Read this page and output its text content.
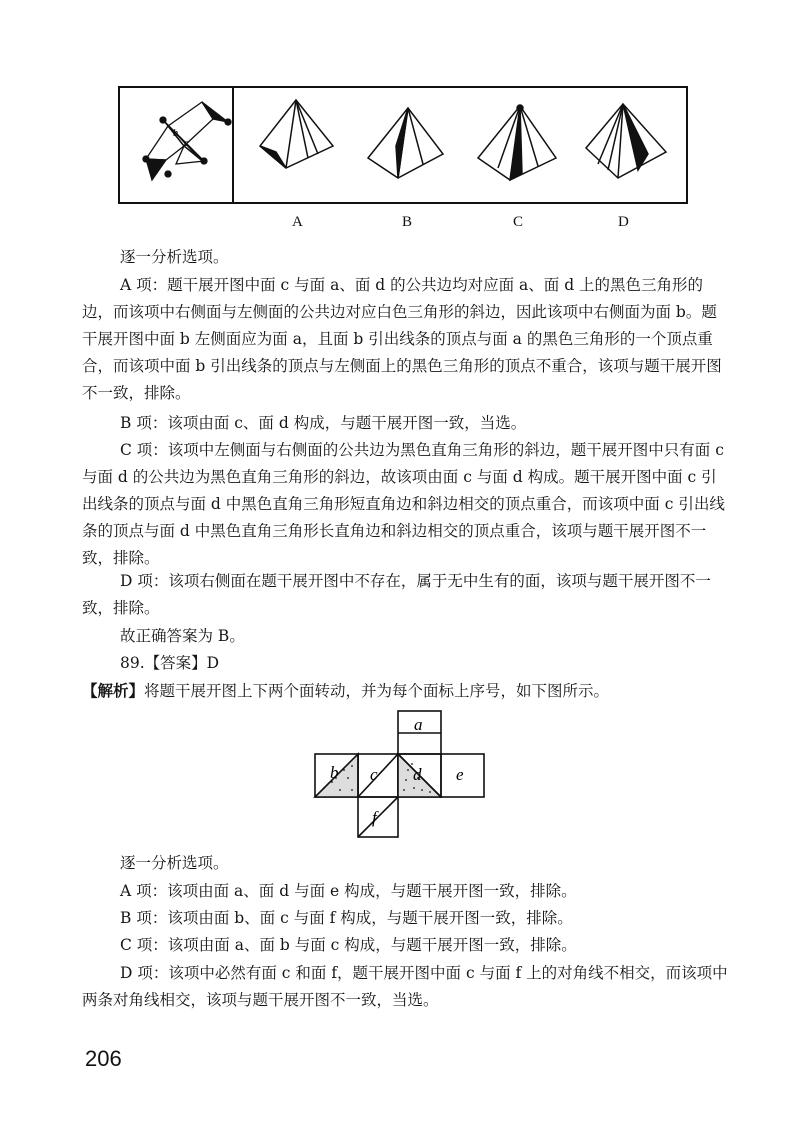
b
c
A	B	C	D
逐一分析选项。
A 项：题干展开图中面 c 与面 a、面 d 的公共边均对应面 a、面 d 上的黑色三角形的边，而该项中右侧面与左侧面的公共边对应白色三角形的斜边，因此该项中右侧面为面 b。题干展开图中面 b 左侧面应为面 a，且面 b 引出线条的顶点与面 a 的黑色三角形的一个顶点重合，而该项中面 b 引出线条的顶点与左侧面上的黑色三角形的顶点不重合，该项与题干展开图不一致，排除。
B 项：该项由面 c、面 d 构成，与题干展开图一致，当选。
C 项：该项中左侧面与右侧面的公共边为黑色直角三角形的斜边，题干展开图中只有面 c 与面 d 的公共边为黑色直角三角形的斜边，故该项由面 c 与面 d 构成。题干展开图中面 c 引出线条的顶点与面 d 中黑色直角三角形短直角边和斜边相交的顶点重合，而该项中面 c 引出线条的顶点与面 d 中黑色直角三角形长直角边和斜边相交的顶点重合，该项与题干展开图不一致，排除。
D 项：该项右侧面在题干展开图中不存在，属于无中生有的面，该项与题干展开图不一致，排除。
故正确答案为 B。
89.【答案】D
【解析】将题干展开图上下两个面转动，并为每个面标上序号，如下图所示。
a
b c d e
f
逐一分析选项。
A 项：该项由面 a、面 d 与面 e 构成，与题干展开图一致，排除。
B 项：该项由面 b、面 c 与面 f 构成，与题干展开图一致，排除。
C 项：该项由面 a、面 b 与面 c 构成，与题干展开图一致，排除。
D 项：该项中必然有面 c 和面 f，题干展开图中面 c 与面 f 上的对角线不相交，而该项中两条对角线相交，该项与题干展开图不一致，当选。
206
